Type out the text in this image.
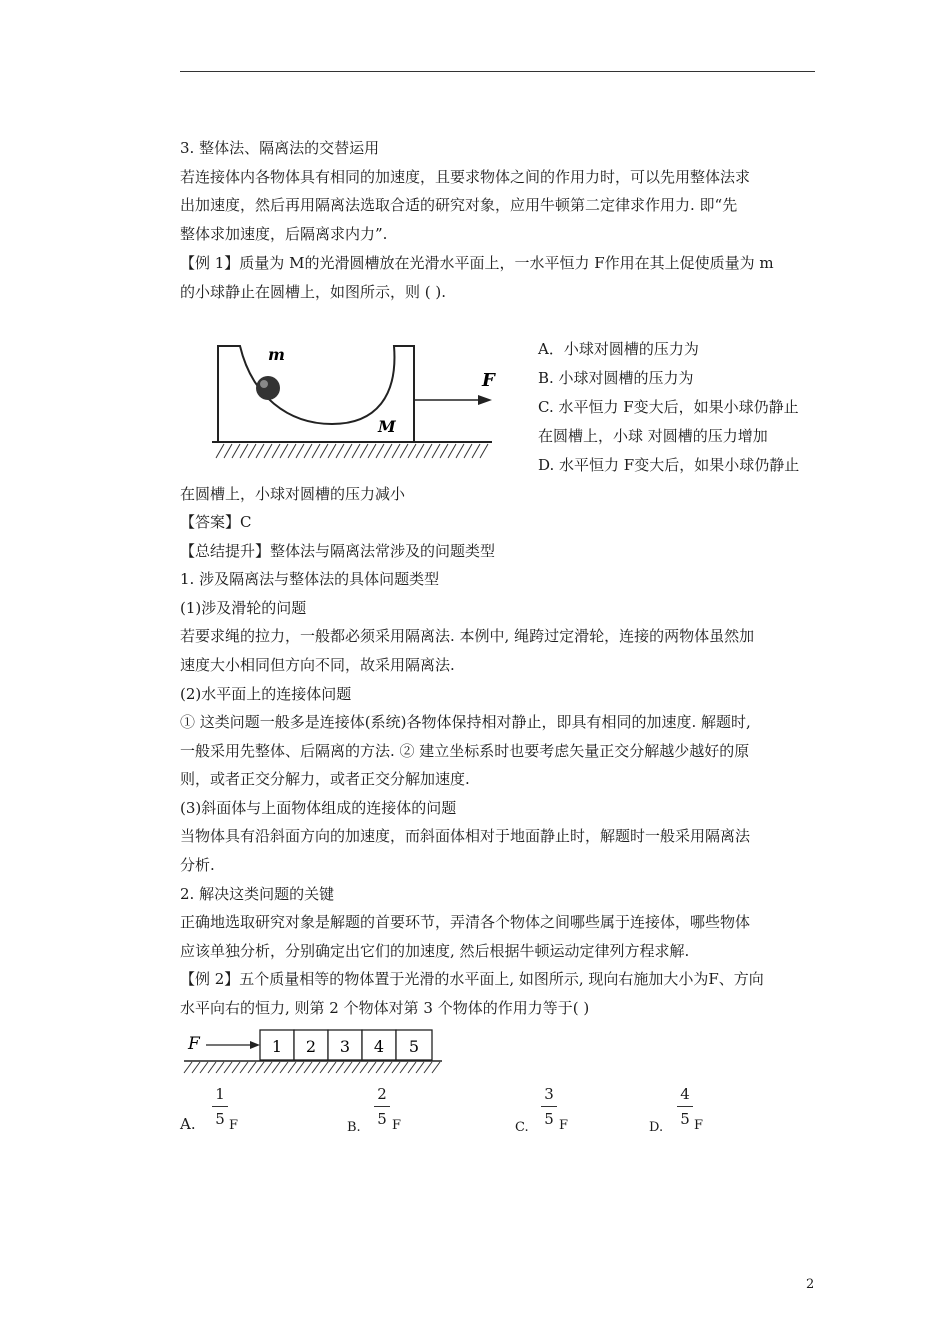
3. 整体法、隔离法的交替运用
若连接体内各物体具有相同的加速度，且要求物体之间的作用力时，可以先用整体法求
出加速度，然后再用隔离法选取合适的研究对象，应用牛顿第二定律求作用力. 即“先
整体求加速度，后隔离求内力”.
【例 1】质量为 M的光滑圆槽放在光滑水平面上，一水平恒力 F作用在其上促使质量为 m
的小球静止在圆槽上，如图所示，则 ( ).
m
M
F
A．小球对圆槽的压力为
B. 小球对圆槽的压力为
C. 水平恒力 F变大后，如果小球仍静止
在圆槽上，小球 对圆槽的压力增加
D. 水平恒力 F变大后，如果小球仍静止
在圆槽上，小球对圆槽的压力减小
【答案】C
【总结提升】整体法与隔离法常涉及的问题类型
1. 涉及隔离法与整体法的具体问题类型
(1)涉及滑轮的问题
若要求绳的拉力，一般都必须采用隔离法. 本例中, 绳跨过定滑轮，连接的两物体虽然加
速度大小相同但方向不同，故采用隔离法.
(2)水平面上的连接体问题
① 这类问题一般多是连接体(系统)各物体保持相对静止，即具有相同的加速度. 解题时,
一般采用先整体、后隔离的方法. ② 建立坐标系时也要考虑矢量正交分解越少越好的原
则，或者正交分解力，或者正交分解加速度.
(3)斜面体与上面物体组成的连接体的问题
当物体具有沿斜面方向的加速度，而斜面体相对于地面静止时，解题时一般采用隔离法
分析.
2. 解决这类问题的关键
正确地选取研究对象是解题的首要环节，弄清各个物体之间哪些属于连接体，哪些物体
应该单独分析，分别确定出它们的加速度, 然后根据牛顿运动定律列方程求解.
【例 2】五个质量相等的物体置于光滑的水平面上, 如图所示, 现向右施加大小为F、方向
水平向右的恒力, 则第 2 个物体对第 3 个物体的作用力等于( )
F	1 2 3 4 5
A.
1
5 F	B.
2
5 F	C.
3
5 F	D.
4
5 F
2
